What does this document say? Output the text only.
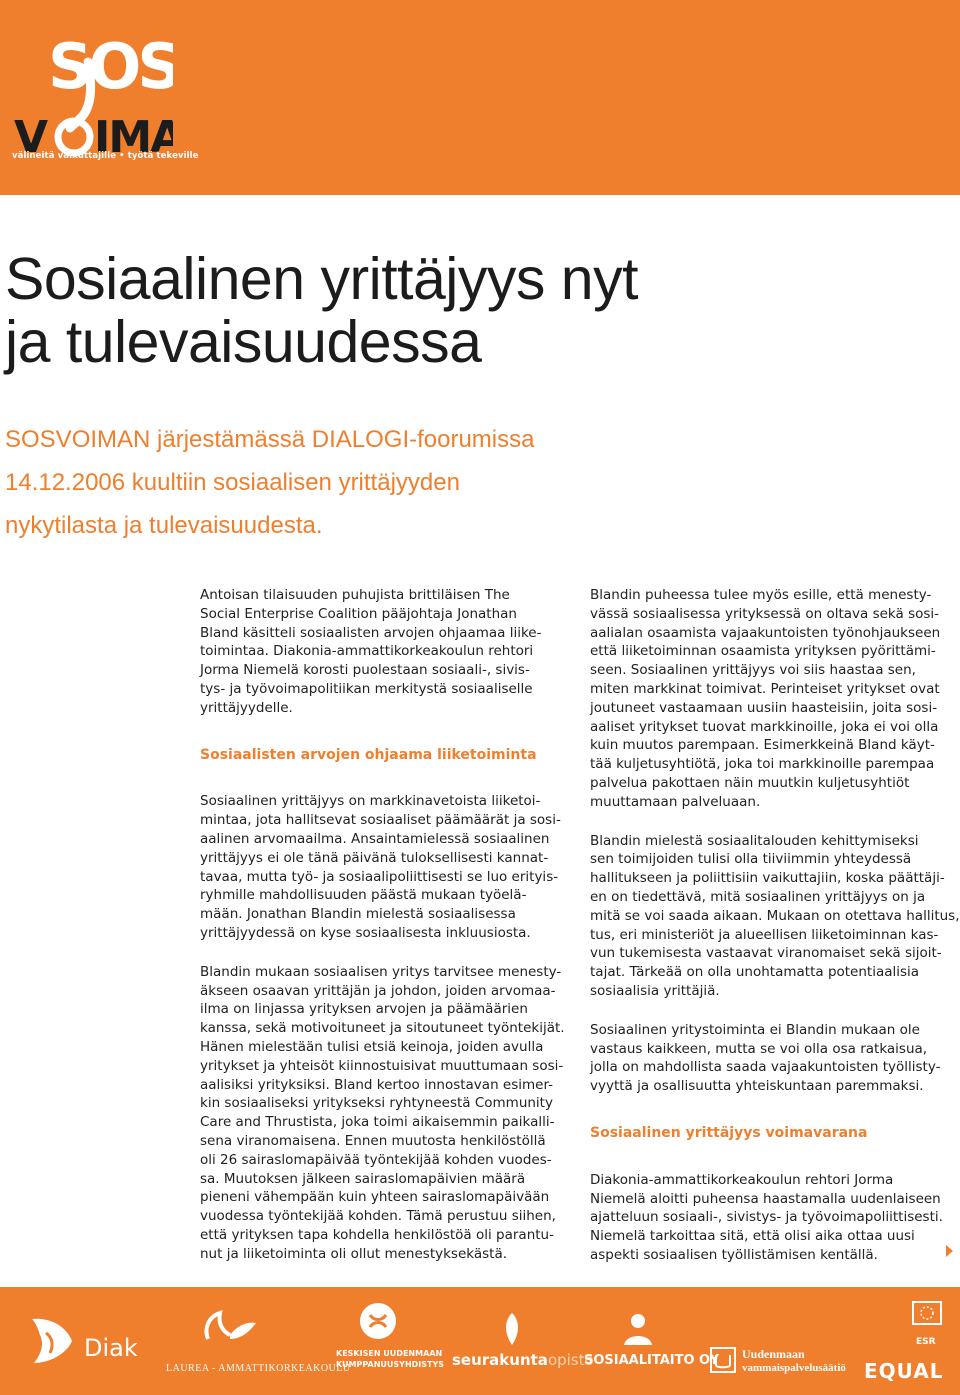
SOS
V IMA
välineitä vaikuttajille • työtä tekeville
Sosiaalinen yrittäjyys nyt
ja tulevaisuudessa

SOSVOIMAN järjestämässä DIALOGI-foorumissa
14.12.2006 kuultiin sosiaalisen yrittäjyyden
nykytilasta ja tulevaisuudesta.

Antoisan tilaisuuden puhujista brittiläisen The
Social Enterprise Coalition pääjohtaja Jonathan
Bland käsitteli sosiaalisten arvojen ohjaamaa liike-
toimintaa. Diakonia-ammattikorkeakoulun rehtori
Jorma Niemelä korosti puolestaan sosiaali-, sivis-
tys- ja työvoimapolitiikan merkitystä sosiaaliselle
yrittäjyydelle.

Sosiaalisten arvojen ohjaama liiketoiminta

Sosiaalinen yrittäjyys on markkinavetoista liiketoi-
mintaa, jota hallitsevat sosiaaliset päämäärät ja sosi-
aalinen arvomaailma. Ansaintamielessä sosiaalinen
yrittäjyys ei ole tänä päivänä tuloksellisesti kannat-
tavaa, mutta työ- ja sosiaalipoliittisesti se luo erityis-
ryhmille mahdollisuuden päästä mukaan työelä-
mään. Jonathan Blandin mielestä sosiaalisessa
yrittäjyydessä on kyse sosiaalisesta inkluusiosta.

Blandin mukaan sosiaalisen yritys tarvitsee menesty-
äkseen osaavan yrittäjän ja johdon, joiden arvomaa-
ilma on linjassa yrityksen arvojen ja päämäärien
kanssa, sekä motivoituneet ja sitoutuneet työntekijät.
Hänen mielestään tulisi etsiä keinoja, joiden avulla
yritykset ja yhteisöt kiinnostuisivat muuttumaan sosi-
aalisiksi yrityksiksi. Bland kertoo innostavan esimer-
kin sosiaaliseksi yritykseksi ryhtyneestä Community
Care and Thrustista, joka toimi aikaisemmin paikalli-
sena viranomaisena. Ennen muutosta henkilöstöllä
oli 26 sairaslomapäivää työntekijää kohden vuodes-
sa. Muutoksen jälkeen sairaslomapäivien määrä
pieneni vähempään kuin yhteen sairaslomapäivään
vuodessa työntekijää kohden. Tämä perustuu siihen,
että yrityksen tapa kohdella henkilöstöä oli parantu-
nut ja liiketoiminta oli ollut menestyksekästä.

Blandin puheessa tulee myös esille, että menesty-
vässä sosiaalisessa yrityksessä on oltava sekä sosi-
aalialan osaamista vajaakuntoisten työnohjaukseen
että liiketoiminnan osaamista yrityksen pyörittämi-
seen. Sosiaalinen yrittäjyys voi siis haastaa sen,
miten markkinat toimivat. Perinteiset yritykset ovat
joutuneet vastaamaan uusiin haasteisiin, joita sosi-
aaliset yritykset tuovat markkinoille, joka ei voi olla
kuin muutos parempaan. Esimerkkeinä Bland käyt-
tää kuljetusyhtiötä, joka toi markkinoille parempaa
palvelua pakottaen näin muutkin kuljetusyhtiöt
muuttamaan palveluaan.

Blandin mielestä sosiaalitalouden kehittymiseksi
sen toimijoiden tulisi olla tiiviimmin yhteydessä
hallitukseen ja poliittisiin vaikuttajiin, koska päättäji-
en on tiedettävä, mitä sosiaalinen yrittäjyys on ja
mitä se voi saada aikaan. Mukaan on otettava hallitus,
tus, eri ministeriöt ja alueellisen liiketoiminnan kas-
vun tukemisesta vastaavat viranomaiset sekä sijoit-
tajat. Tärkeää on olla unohtamatta potentiaalisia
sosiaalisia yrittäjiä.

Sosiaalinen yritystoiminta ei Blandin mukaan ole
vastaus kaikkeen, mutta se voi olla osa ratkaisua,
jolla on mahdollista saada vajaakuntoisten työllisty-
vyyttä ja osallisuutta yhteiskuntaan paremmaksi.

Sosiaalinen yrittäjyys voimavarana

Diakonia-ammattikorkeakoulun rehtori Jorma
Niemelä aloitti puheensa haastamalla uudenlaiseen
ajatteluun sosiaali-, sivistys- ja työvoimapoliittisesti.
Niemelä tarkoittaa sitä, että olisi aika ottaa uusi
aspekti sosiaalisen työllistämisen kentällä.

Diak
LAUREA - AMMATTIKORKEAKOULU
KESKISEN UUDENMAAN
KUMPPANUUSYHDISTYS seurakuntaopisto
SOSIAALITAITO OY Uudenmaan
vammaispalvelusäätiö
ESR
EQUAL
